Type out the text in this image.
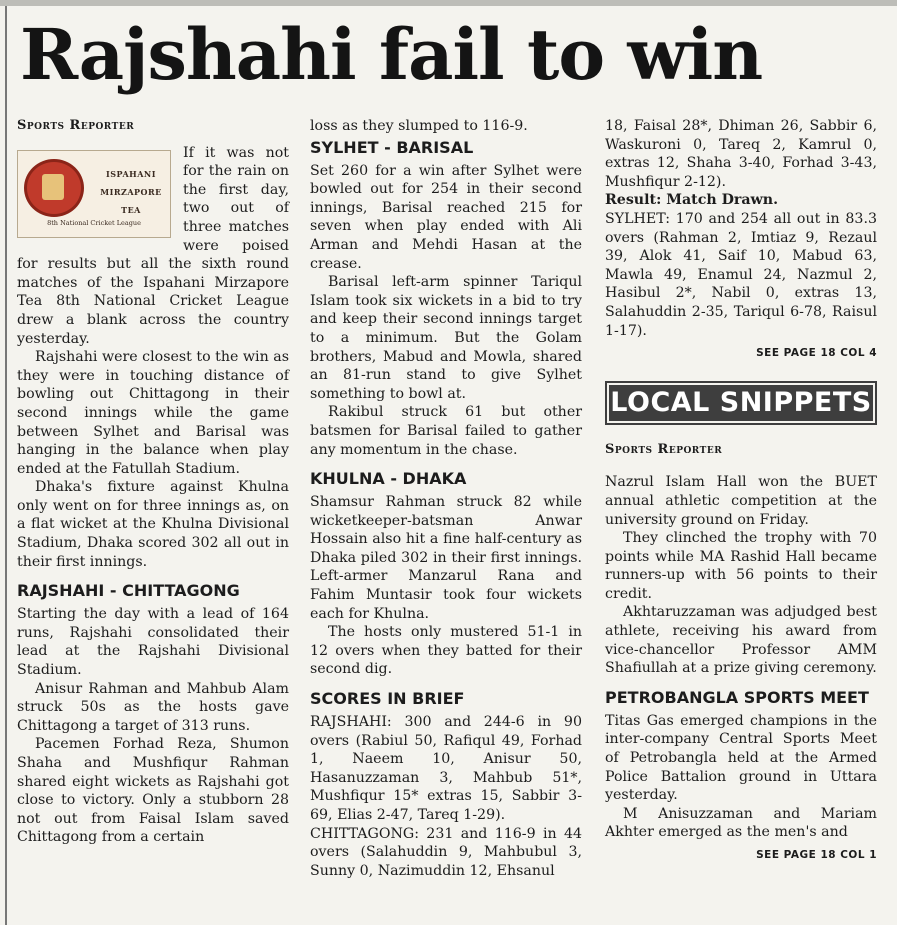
Rajshahi fail to win

Sports Reporter

ISPAHANI
MIRZAPORE
TEA
8th National Cricket League

If it was not for the rain on the first day, two out of three matches were poised for results but all the sixth round matches of the Ispahani Mirzapore Tea 8th National Cricket League drew a blank across the country yesterday.

Rajshahi were closest to the win as they were in touching distance of bowling out Chittagong in their second innings while the game between Sylhet and Barisal was hanging in the balance when play ended at the Fatullah Stadium.

Dhaka's fixture against Khulna only went on for three innings as, on a flat wicket at the Khulna Divisional Stadium, Dhaka scored 302 all out in their first innings.

RAJSHAHI - CHITTAGONG

Starting the day with a lead of 164 runs, Rajshahi consolidated their lead at the Rajshahi Divisional Stadium.

Anisur Rahman and Mahbub Alam struck 50s as the hosts gave Chittagong a target of 313 runs.

Pacemen Forhad Reza, Shumon Shaha and Mushfiqur Rahman shared eight wickets as Rajshahi got close to victory. Only a stubborn 28 not out from Faisal Islam saved Chittagong from a certain

loss as they slumped to 116-9.

SYLHET - BARISAL

Set 260 for a win after Sylhet were bowled out for 254 in their second innings, Barisal reached 215 for seven when play ended with Ali Arman and Mehdi Hasan at the crease.

Barisal left-arm spinner Tariqul Islam took six wickets in a bid to try and keep their second innings target to a minimum. But the Golam brothers, Mabud and Mowla, shared an 81-run stand to give Sylhet something to bowl at.

Rakibul struck 61 but other batsmen for Barisal failed to gather any momentum in the chase.

KHULNA - DHAKA

Shamsur Rahman struck 82 while wicketkeeper-batsman Anwar Hossain also hit a fine half-century as Dhaka piled 302 in their first innings. Left-armer Manzarul Rana and Fahim Muntasir took four wickets each for Khulna.

The hosts only mustered 51-1 in 12 overs when they batted for their second dig.

SCORES IN BRIEF

RAJSHAHI: 300 and 244-6 in 90 overs (Rabiul 50, Rafiqul 49, Forhad 1, Naeem 10, Anisur 50, Hasanuzzaman 3, Mahbub 51*, Mushfiqur 15* extras 15, Sabbir 3-69, Elias 2-47, Tareq 1-29).

CHITTAGONG: 231 and 116-9 in 44 overs (Salahuddin 9, Mahbubul 3, Sunny 0, Nazimuddin 12, Ehsanul

18, Faisal 28*, Dhiman 26, Sabbir 6, Waskuroni 0, Tareq 2, Kamrul 0, extras 12, Shaha 3-40, Forhad 3-43, Mushfiqur 2-12).

Result: Match Drawn.

SYLHET: 170 and 254 all out in 83.3 overs (Rahman 2, Imtiaz 9, Rezaul 39, Alok 41, Saif 10, Mabud 63, Mawla 49, Enamul 24, Nazmul 2, Hasibul 2*, Nabil 0, extras 13, Salahuddin 2-35, Tariqul 6-78, Raisul 1-17).

SEE PAGE 18 COL 4

LOCAL SNIPPETS

Sports Reporter

Nazrul Islam Hall won the BUET annual athletic competition at the university ground on Friday.

They clinched the trophy with 70 points while MA Rashid Hall became runners-up with 56 points to their credit.

Akhtaruzzaman was adjudged best athlete, receiving his award from vice-chancellor Professor AMM Shafiullah at a prize giving ceremony.

PETROBANGLA SPORTS MEET

Titas Gas emerged champions in the inter-company Central Sports Meet of Petrobangla held at the Armed Police Battalion ground in Uttara yesterday.

M Anisuzzaman and Mariam Akhter emerged as the men's and

SEE PAGE 18 COL 1
